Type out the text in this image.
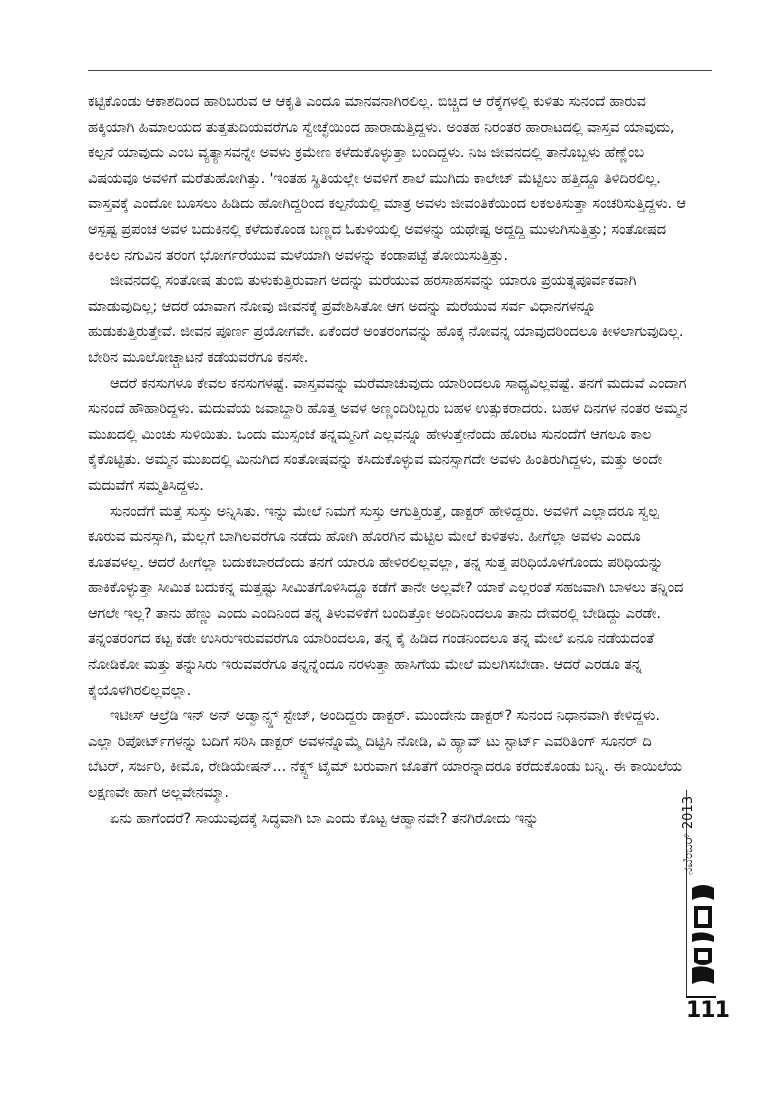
ಕಟ್ಟಿಕೊಂಡು ಆಕಾಶದಿಂದ ಹಾರಿಬರುವ ಆ ಆಕೃತಿ ಎಂದೂ ಮಾನವನಾಗಿರಲಿಲ್ಲ. ಬಿಚ್ಚಿದ ಆ ರೆಕ್ಕೆಗಳಲ್ಲಿ ಕುಳಿತು ಸುನಂದೆ ಹಾರುವ ಹಕ್ಕಿಯಾಗಿ ಹಿಮಾಲಯದ ತುತ್ತತುದಿಯವರೆಗೂ ಸ್ವೇಚ್ಛೆಯಿಂದ ಹಾರಾಡುತ್ತಿದ್ದಳು. ಅಂತಹ ನಿರಂತರ ಹಾರಾಟದಲ್ಲಿ ವಾಸ್ತವ ಯಾವುದು, ಕಲ್ಪನೆ ಯಾವುದು ಎಂಬ ವ್ಯತ್ಯಾಸವನ್ನೇ ಅವಳು ಕ್ರಮೇಣ ಕಳೆದುಕೊಳ್ಳುತ್ತಾ ಬಂದಿದ್ದಳು. ನಿಜ ಜೀವನದಲ್ಲಿ ತಾನೊಬ್ಬಳು ಹೆಣ್ಣೆಂಬ ವಿಷಯವೂ ಅವಳಿಗೆ ಮರೆತುಹೋಗಿತ್ತು. 'ಇಂತಹ ಸ್ಥಿತಿಯಲ್ಲೇ ಅವಳಿಗೆ ಶಾಲೆ ಮುಗಿದು ಕಾಲೇಜ್ ಮೆಟ್ಟಿಲು ಹತ್ತಿದ್ದೂ ತಿಳಿದಿರಲಿಲ್ಲ. ವಾಸ್ತವಕ್ಕೆ ಎಂದೋ ಬೂಸಲು ಹಿಡಿದು ಹೋಗಿದ್ದರಿಂದ ಕಲ್ಪನೆಯಲ್ಲಿ ಮಾತ್ರ ಅವಳು ಜೀವಂತಿಕೆಯಿಂದ ಲಕಲಕಿಸುತ್ತಾ ಸಂಚರಿಸುತ್ತಿದ್ದಳು. ಆ ಅಸ್ಪಷ್ಟ ಪ್ರಪಂಚ ಅವಳ ಬದುಕಿನಲ್ಲಿ ಕಳೆದುಕೊಂಡ ಬಣ್ಣದ ಓಕುಳಿಯಲ್ಲಿ ಅವಳನ್ನು ಯಥೇಷ್ಟ ಅದ್ದದ್ದಿ ಮುಳುಗಿಸುತ್ತಿತ್ತು; ಸಂತೋಷದ ಕಿಲಕಿಲ ನಗುವಿನ ತರಂಗ ಭೋರ್ಗರೆಯುವ ಮಳೆಯಾಗಿ ಅವಳನ್ನು ಕಂಡಾಪಟ್ಟೆ ತೋಯಿಸುತ್ತಿತ್ತು.

ಜೀವನದಲ್ಲಿ ಸಂತೋಷ ತುಂಬಿ ತುಳುಕುತ್ತಿರುವಾಗ ಅದನ್ನು ಮರೆಯುವ ಹರಸಾಹಸವನ್ನು ಯಾರೂ ಪ್ರಯತ್ನಪೂರ್ವಕವಾಗಿ ಮಾಡುವುದಿಲ್ಲ; ಆದರೆ ಯಾವಾಗ ನೋವು ಜೀವನಕ್ಕೆ ಪ್ರವೇಶಿಸಿತೋ ಆಗ ಅದನ್ನು ಮರೆಯುವ ಸರ್ವ ವಿಧಾನಗಳನ್ನೂ ಹುಡುಕುತ್ತಿರುತ್ತೇವೆ. ಜೀವನ ಪೂರ್ಣ ಪ್ರಯೋಗವೇ. ಏಕೆಂದರೆ ಅಂತರಂಗವನ್ನು ಹೊಕ್ಕ ನೋವನ್ನ ಯಾವುದರಿಂದಲೂ ಕೀಳಲಾಗುವುದಿಲ್ಲ. ಬೇರಿನ ಮೂಲೋಚ್ಚಾಟನೆ ಕಡೆಯವರೆಗೂ ಕನಸೇ.

ಆದರೆ ಕನಸುಗಳೂ ಕೇವಲ ಕನಸುಗಳಷ್ಟೆ. ವಾಸ್ತವವನ್ನು ಮರೆಮಾಚುವುದು ಯಾರಿಂದಲೂ ಸಾಧ್ಯವಿಲ್ಲವಷ್ಟೆ. ತನಗೆ ಮದುವೆ ಎಂದಾಗ ಸುನಂದೆ ಹೌಹಾರಿದ್ದಳು. ಮದುವೆಯ ಜವಾಬ್ದಾರಿ ಹೊತ್ತ ಅವಳ ಅಣ್ಣಂದಿರಿಬ್ಬರು ಬಹಳ ಉತ್ಸುಕರಾದರು. ಬಹಳ ದಿನಗಳ ನಂತರ ಅಮ್ಮನ ಮುಖದಲ್ಲಿ ಮಿಂಚು ಸುಳಿಯಿತು. ಒಂದು ಮುಸ್ಸಂಜೆ ತನ್ನಮ್ಮನಿಗೆ ಎಲ್ಲವನ್ನೂ ಹೇಳುತ್ತೇನೆಂದು ಹೊರಟ ಸುನಂದೆಗೆ ಆಗಲೂ ಕಾಲ ಕೈಕೊಟ್ಟಿತು. ಅಮ್ಮನ ಮುಖದಲ್ಲಿ ಮಿನುಗಿದ ಸಂತೋಷವನ್ನು ಕಸಿದುಕೊಳ್ಳುವ ಮನಸ್ಸಾಗದೇ ಅವಳು ಹಿಂತಿರುಗಿದ್ದಳು, ಮತ್ತು ಅಂದೇ ಮದುವೆಗೆ ಸಮ್ಮತಿಸಿದ್ದಳು.

ಸುನಂದೆಗೆ ಮತ್ತೆ ಸುಸ್ತು ಅನ್ನಿಸಿತು. ಇನ್ನು ಮೇಲೆ ನಿಮಗೆ ಸುಸ್ತು ಆಗುತ್ತಿರುತ್ತೆ, ಡಾಕ್ಟರ್ ಹೇಳಿದ್ದರು. ಅವಳಿಗೆ ಎಲ್ಲಾದರೂ ಸ್ವಲ್ಪ ಕೂರುವ ಮನಸ್ಸಾಗಿ, ಮೆಲ್ಲಗೆ ಬಾಗಿಲವರೆಗೂ ನಡೆದು ಹೋಗಿ ಹೊರಗಿನ ಮೆಟ್ಟಿಲ ಮೇಲೆ ಕುಳಿತಳು. ಹೀಗೆಲ್ಲಾ ಅವಳು ಎಂದೂ ಕೂತವಳಲ್ಲ. ಆದರೆ ಹೀಗೆಲ್ಲಾ ಬದುಕಬಾರದೆಂದು ತನಗೆ ಯಾರೂ ಹೇಳಿರಲಿಲ್ಲವಲ್ಲಾ, ತನ್ನ ಸುತ್ತ ಪರಿಧಿಯೊಳಗೊಂದು ಪರಿಧಿಯನ್ನು ಹಾಕಿಕೊಳ್ಳುತ್ತಾ ಸೀಮಿತ ಬದುಕನ್ನ ಮತ್ತಷ್ಟು ಸೀಮಿತಗೊಳಿಸಿದ್ದೂ ಕಡೆಗೆ ತಾನೇ ಅಲ್ಲವೇ? ಯಾಕೆ ಎಲ್ಲರಂತೆ ಸಹಜವಾಗಿ ಬಾಳಲು ತನ್ನಿಂದ ಆಗಲೇ ಇಲ್ಲ? ತಾನು ಹೆಣ್ಣು ಎಂದು ಎಂದಿನಿಂದ ತನ್ನ ತಿಳುವಳಿಕೆಗೆ ಬಂದಿತ್ತೋ ಅಂದಿನಿಂದಲೂ ತಾನು ದೇವರಲ್ಲಿ ಬೇಡಿದ್ದು ಎರಡೇ. ತನ್ನಂತರಂಗದ ಕಟ್ಟ ಕಡೇ ಉಸಿರುಇರುವವರೆಗೂ ಯಾರಿಂದಲೂ, ತನ್ನ ಕೈ ಹಿಡಿದ ಗಂಡನಿಂದಲೂ ತನ್ನ ಮೇಲೆ ಏನೂ ನಡೆಯದಂತೆ ನೋಡಿಕೋ ಮತ್ತು ತನ್ನುಸಿರು ಇರುವವರೆಗೂ ತನ್ನನ್ನೆಂದೂ ನರಳುತ್ತಾ ಹಾಸಿಗೆಯ ಮೇಲೆ ಮಲಗಿಸಬೇಡಾ. ಆದರೆ ಎರಡೂ ತನ್ನ ಕೈಯೊಳಗಿರಲಿಲ್ಲವಲ್ಲಾ.

ಇಟೀಸ್ ಆಲ್ರೆಡಿ ಇನ್ ಅನ್ ಅಡ್ವಾನ್ಸ್ಡ್ ಸ್ಟೇಜ್, ಅಂದಿದ್ದರು ಡಾಕ್ಟರ್. ಮುಂದೇನು ಡಾಕ್ಟರ್? ಸುನಂದ ನಿಧಾನವಾಗಿ ಕೇಳಿದ್ದಳು. ಎಲ್ಲಾ ರಿಪೋರ್ಟ್‌ಗಳನ್ನು ಬದಿಗೆ ಸರಿಸಿ ಡಾಕ್ಟರ್ ಅವಳನ್ನೊಮ್ಮೆ ದಿಟ್ಟಿಸಿ ನೋಡಿ, ವಿ ಹ್ಯಾವ್ ಟು ಸ್ಟಾರ್ಟ್ ಎವರಿತಿಂಗ್ ಸೂನರ್ ದಿ ಬೆಟರ್, ಸರ್ಜರಿ, ಕೀಮೊ, ರೇಡಿಯೇಷನ್... ನೆಕ್ಸ್ಟ್ ಟೈಮ್ ಬರುವಾಗ ಜೊತೆಗೆ ಯಾರನ್ನಾದರೂ ಕರೆದುಕೊಂಡು ಬನ್ನಿ. ಈ ಕಾಯಿಲೆಯ ಲಕ್ಷಣವೇ ಹಾಗೆ ಅಲ್ಲವೇನಮ್ಮಾ.

ಏನು ಹಾಗೆಂದರೆ? ಸಾಯುವುದಕ್ಕೆ ಸಿದ್ಧವಾಗಿ ಬಾ ಎಂದು ಕೊಟ್ಟ ಆಹ್ವಾನವೇ? ತನಗಿರೋದು ಇನ್ನು	ನವೆಂಬರ್ 2013
111
